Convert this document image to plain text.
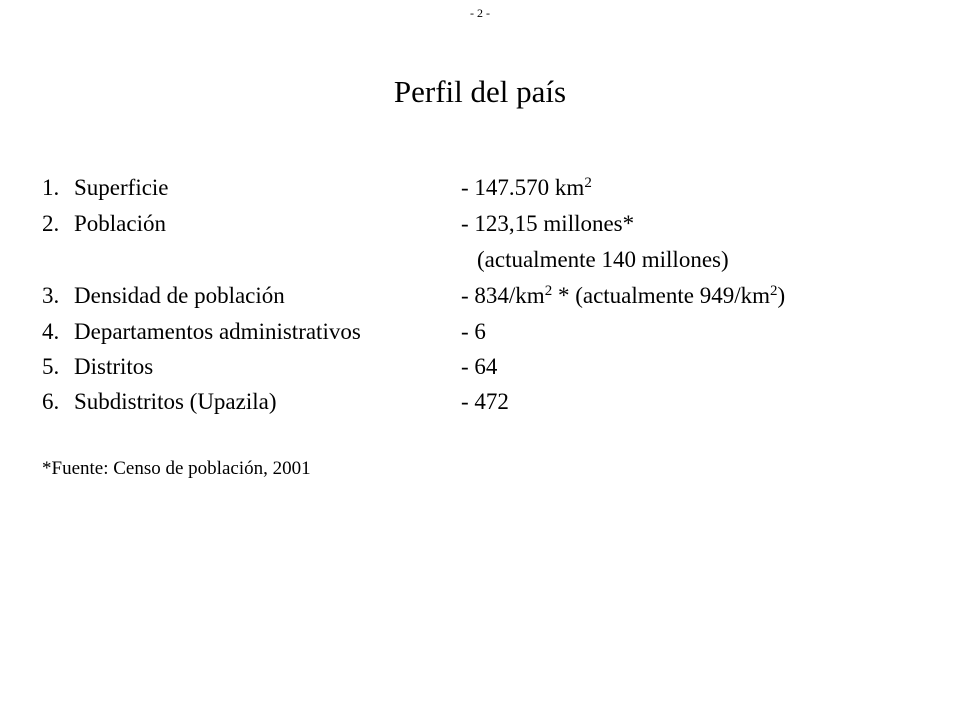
- 2 -
Perfil del país
1. Superficie	- 147.570 $km^2$
2. Población	- 123,15 millones*
(actualmente 140 millones)
3. Densidad de población	- $834/km^2$ * (actualmente $949/km^2$)
4. Departamentos administrativos	- 6
5. Distritos	- 64
6. Subdistritos (Upazila)	- 472
*Fuente: Censo de población, 2001
